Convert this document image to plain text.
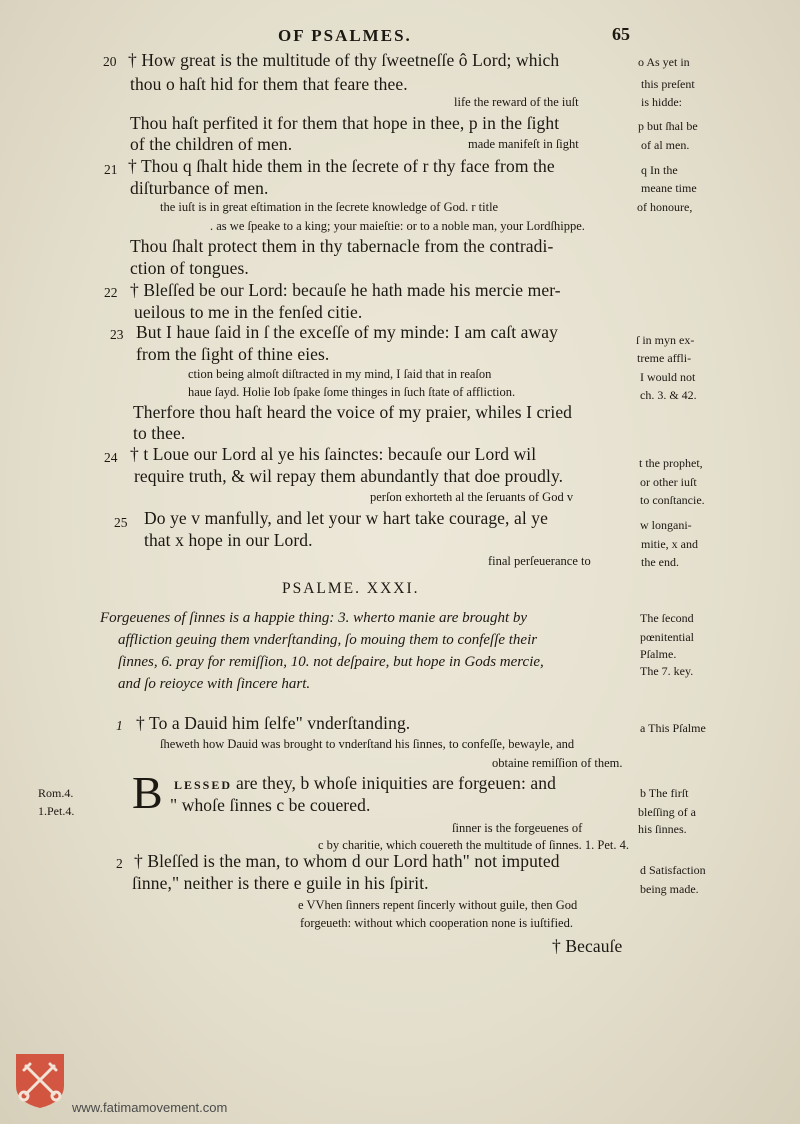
OF PSALMES.	65
20 † How great is the multitude of thy ſweetneſſe ô Lord; which
thou o haſt hid for them that feare thee.
life the reward of the iuſt
Thou haſt perfited it for them that hope in thee, p in the ſight
of the children of men.	made manifeſt in ſight
21 † Thou q ſhalt hide them in the ſecrete of r thy face from the
diſturbance of men.
the iuſt is in great eſtimation in the ſecrete knowledge of God. r title
. as we ſpeake to a king; your maieſtie: or to a noble man, your Lordſhippe.
Thou ſhalt protect them in thy tabernacle from the contradi-
ction of tongues.
22 † Bleſſed be our Lord: becauſe he hath made his mercie mer-
ueilous to me in the fenſed citie.
23 But I haue ſaid in ſ the exceſſe of my minde: I am caſt away
from the ſight of thine eies.
ction being almoſt diſtracted in my mind, I ſaid that in reaſon
haue ſayd. Holie Iob ſpake ſome thinges in ſuch ſtate of affliction.
Therfore thou haſt heard the voice of my praier, whiles I cried
to thee.
24 † t Loue our Lord al ye his ſainctes: becauſe our Lord wil
require truth, & wil repay them abundantly that doe proudly.
perſon exhorteth al the ſeruants of God v
25 Do ye v manfully, and let your w hart take courage, al ye
that x hope in our Lord.
final perſeuerance to
o As yet in
this preſent
is hidde:
p but ſhal be
of al men.
q In the
meane time
of honoure,
ſ in myn ex-
treme affli-
I would not
ch. 3. & 42.
t the prophet,
or other iuſt
to conſtancie.
w longani-
mitie, x and
the end.
PSALME. XXXI.
Forgeuenes of ſinnes is a happie thing: 3. wherto manie are brought by
affliction geuing them vnderſtanding, ſo mouing them to confeſſe their
ſinnes, 6. pray for remiſſion, 10. not deſpaire, but hope in Gods mercie,
and ſo reioyce with ſincere hart.
The ſecond
pœnitential
Pſalme.
The 7. key.
1 † To a Dauid him ſelfe" vnderſtanding.
ſheweth how Dauid was brought to vnderſtand his ſinnes, to confeſſe, bewayle, and
obtaine remiſſion of them.
a This Pſalme
Rom.4.
1.Pet.4. B LESSED are they, b whoſe iniquities are forgeuen: and
" whoſe ſinnes c be couered.
ſinner is the forgeuenes of
c by charitie, which couereth the multitude of ſinnes. 1. Pet. 4.
b The firſt
bleſſing of a
his ſinnes.
2 † Bleſſed is the man, to whom d our Lord hath" not imputed
ſinne," neither is there e guile in his ſpirit.
e VVhen ſinners repent ſincerly without guile, then God
forgeueth: without which cooperation none is iuſtified.
d Satisfaction
being made.
† Becauſe
www.fatimamovement.com
